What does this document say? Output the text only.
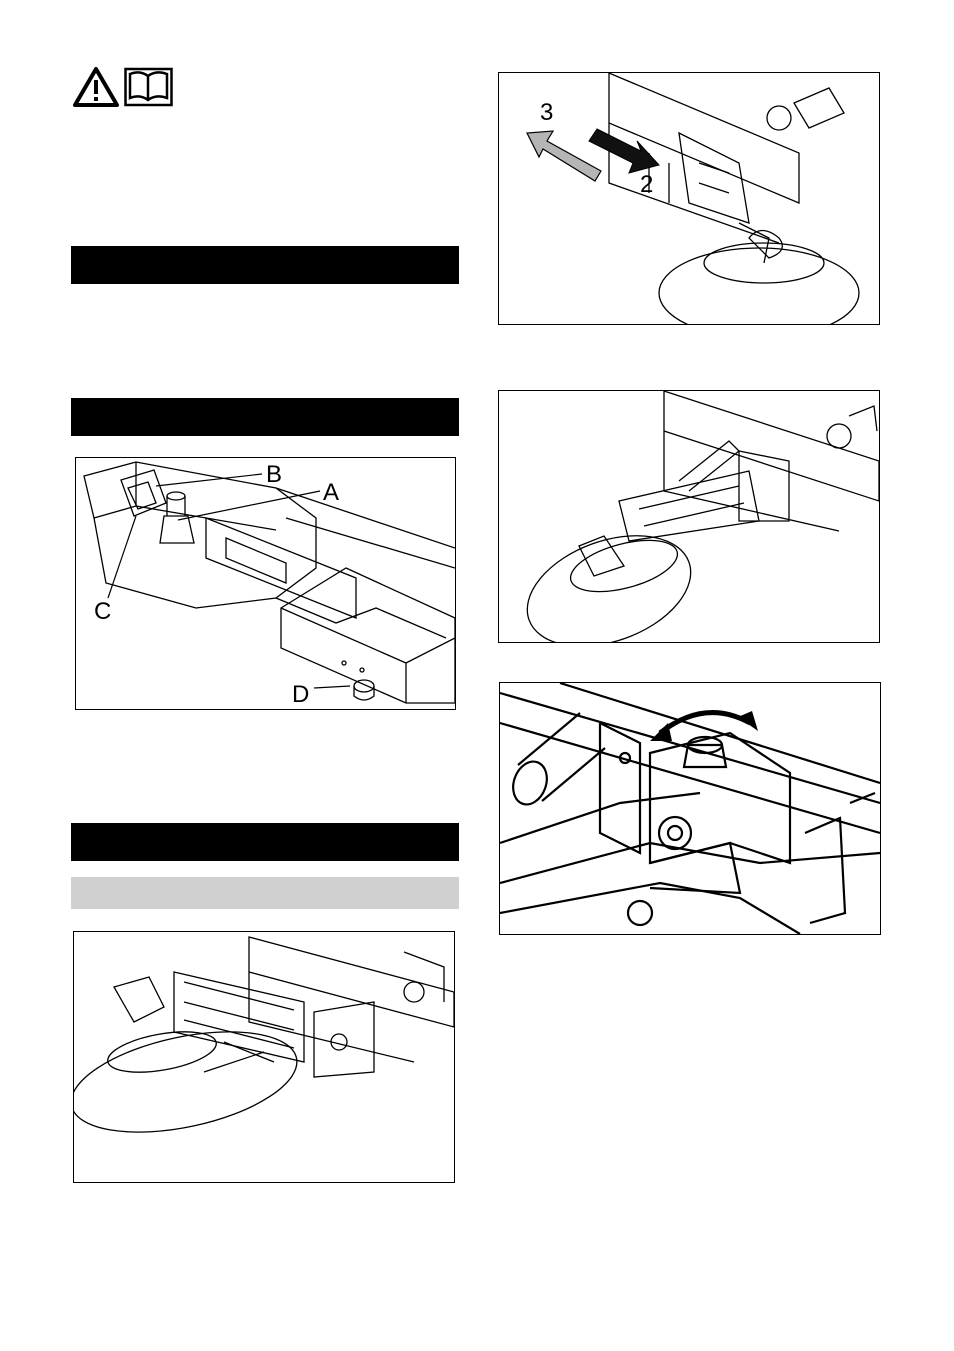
B
A
C
D
3
2
